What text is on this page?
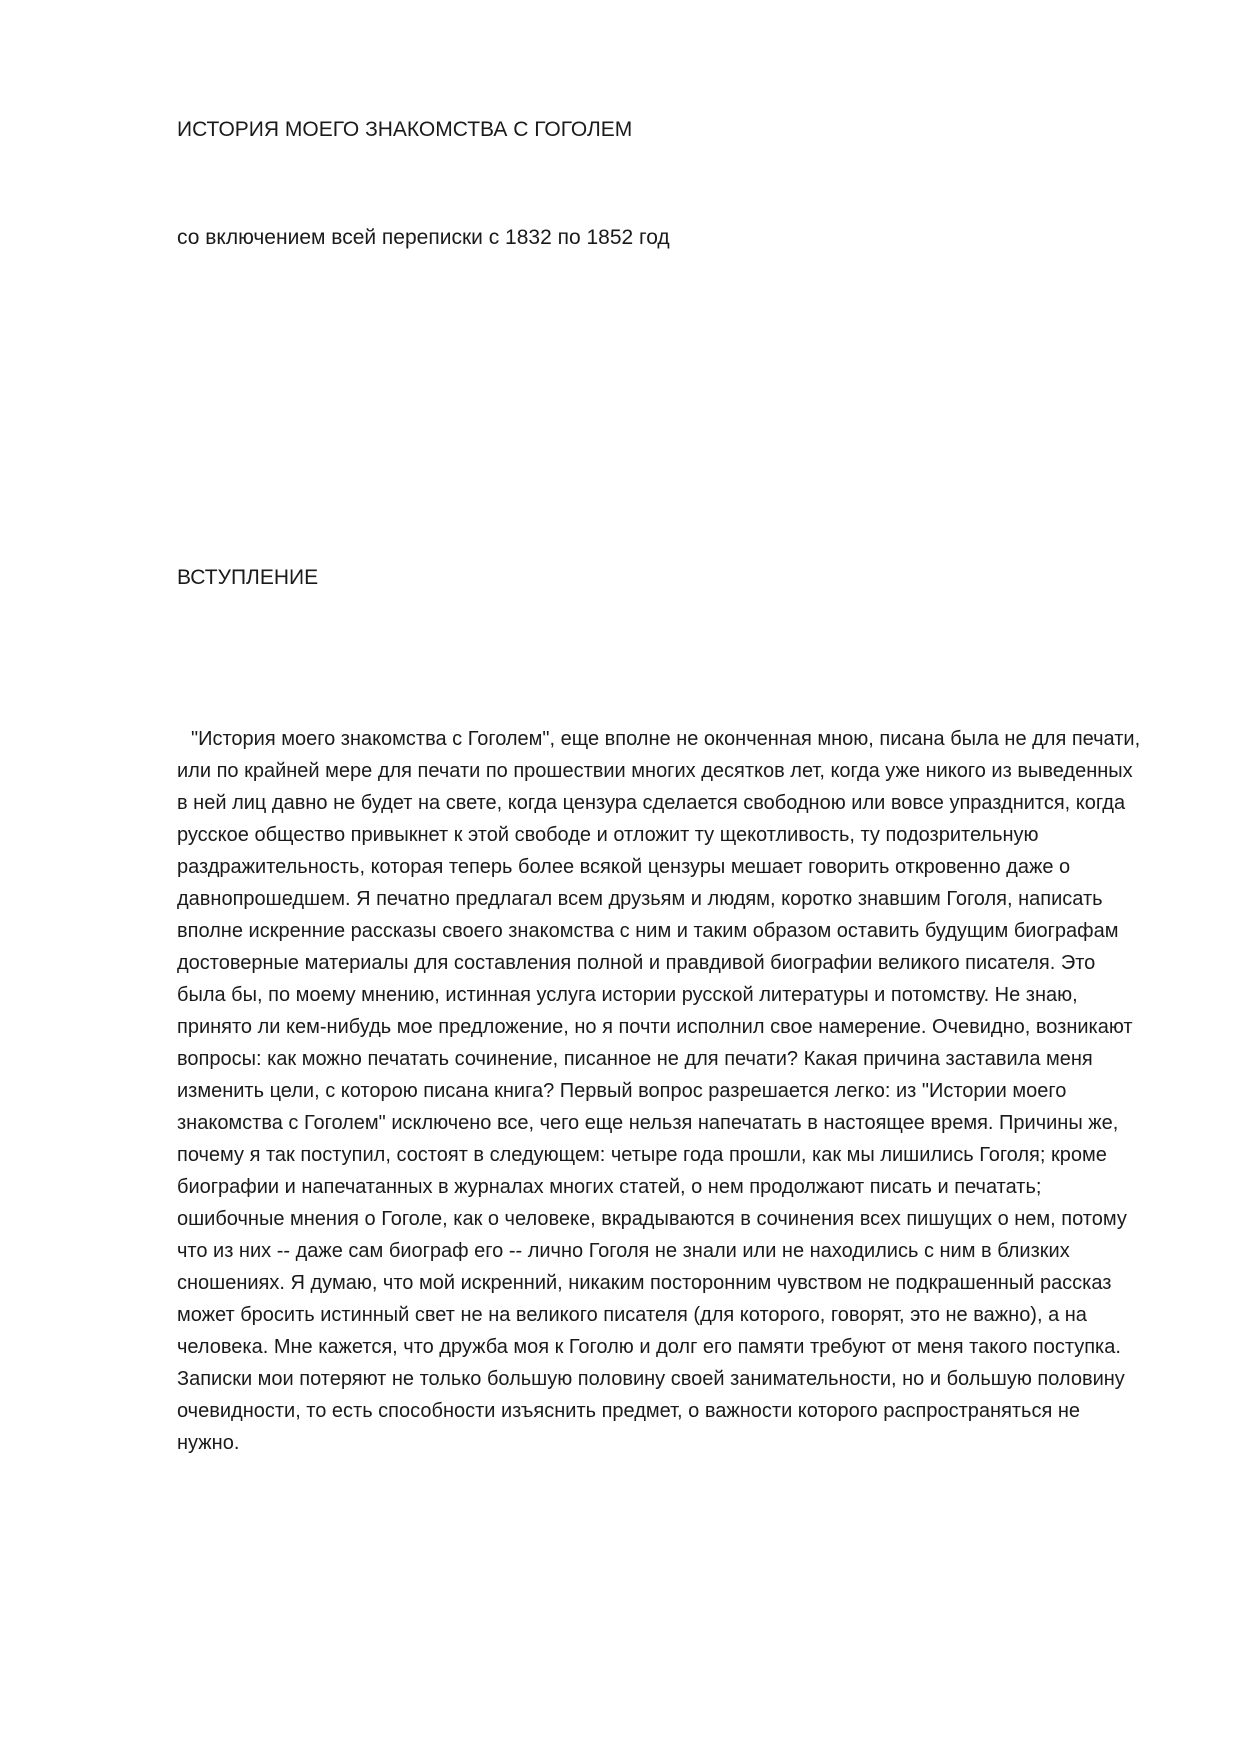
ИСТОРИЯ МОЕГО ЗНАКОМСТВА С ГОГОЛЕМ

со включением всей переписки с 1832 по 1852 год

ВСТУПЛЕНИЕ

"История моего знакомства с Гоголем", еще вполне не оконченная мною, писана была не для печати, или по крайней мере для печати по прошествии многих десятков лет, когда уже никого из выведенных в ней лиц давно не будет на свете, когда цензура сделается свободною или вовсе упразднится, когда русское общество привыкнет к этой свободе и отложит ту щекотливость, ту подозрительную раздражительность, которая теперь более всякой цензуры мешает говорить откровенно даже о давнопрошедшем. Я печатно предлагал всем друзьям и людям, коротко знавшим Гоголя, написать вполне искренние рассказы своего знакомства с ним и таким образом оставить будущим биографам достоверные материалы для составления полной и правдивой биографии великого писателя. Это была бы, по моему мнению, истинная услуга истории русской литературы и потомству. Не знаю, принято ли кем-нибудь мое предложение, но я почти исполнил свое намерение. Очевидно, возникают вопросы: как можно печатать сочинение, писанное не для печати? Какая причина заставила меня изменить цели, с которою писана книга? Первый вопрос разрешается легко: из "Истории моего знакомства с Гоголем" исключено все, чего еще нельзя напечатать в настоящее время. Причины же, почему я так поступил, состоят в следующем: четыре года прошли, как мы лишились Гоголя; кроме биографии и напечатанных в журналах многих статей, о нем продолжают писать и печатать; ошибочные мнения о Гоголе, как о человеке, вкрадываются в сочинения всех пишущих о нем, потому что из них -- даже сам биограф его -- лично Гоголя не знали или не находились с ним в близких сношениях. Я думаю, что мой искренний, никаким посторонним чувством не подкрашенный рассказ может бросить истинный свет не на великого писателя (для которого, говорят, это не важно), а на человека. Мне кажется, что дружба моя к Гоголю и долг его памяти требуют от меня такого поступка. Записки мои потеряют не только большую половину своей занимательности, но и большую половину очевидности, то есть способности изъяснить предмет, о важности которого распространяться не нужно.
